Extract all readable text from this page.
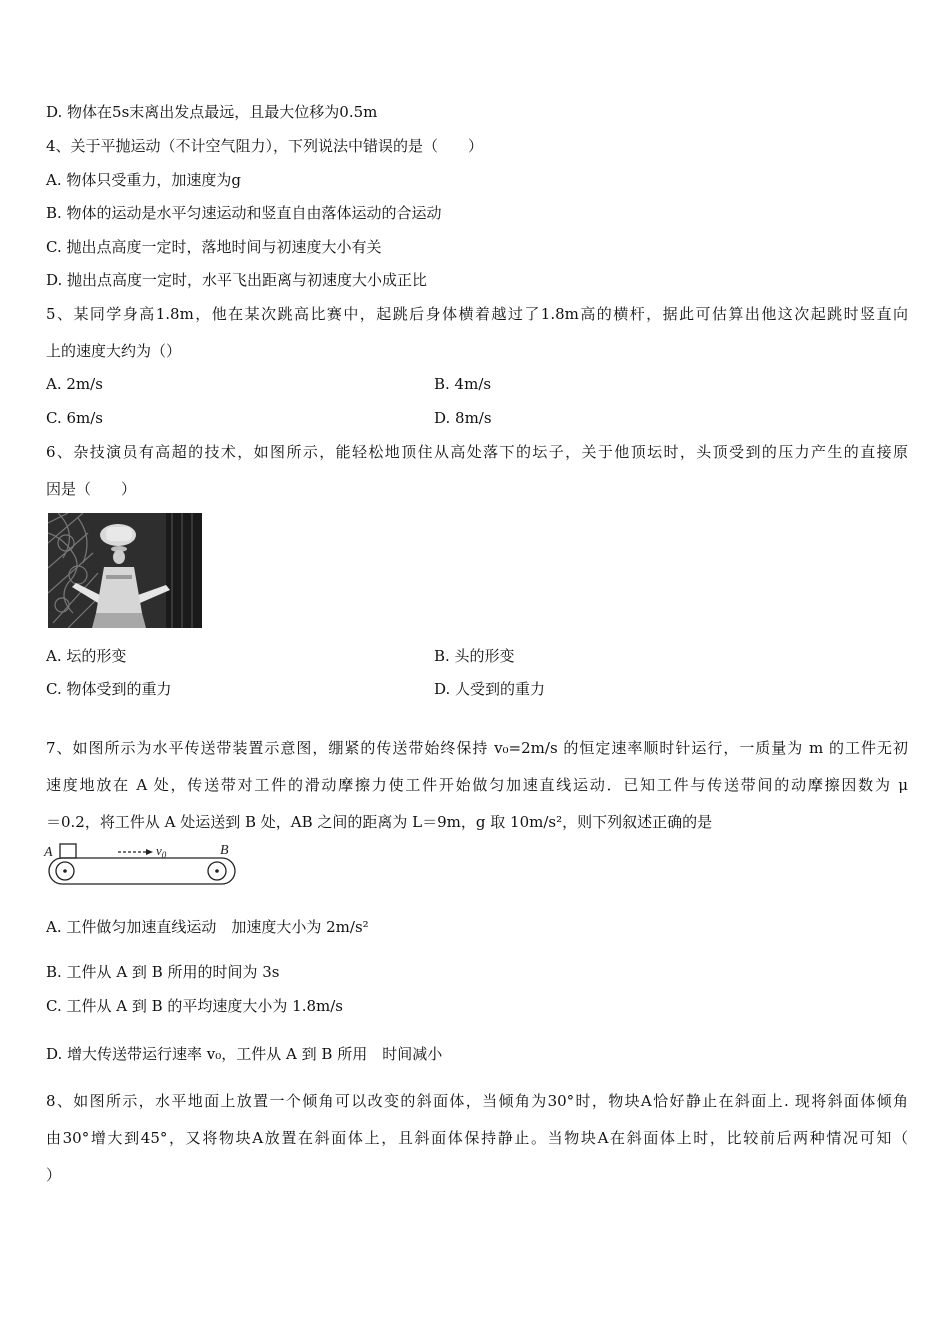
D. 物体在5s末离出发点最远，且最大位移为0.5m
4、关于平抛运动（不计空气阻力），下列说法中错误的是（　　）
A. 物体只受重力，加速度为g
B. 物体的运动是水平匀速运动和竖直自由落体运动的合运动
C. 抛出点高度一定时，落地时间与初速度大小有关
D. 抛出点高度一定时，水平飞出距离与初速度大小成正比
5、某同学身高1.8m，他在某次跳高比赛中，起跳后身体横着越过了1.8m高的横杆，据此可估算出他这次起跳时竖直向
上的速度大约为（）
A. 2m/s	B. 4m/s
C. 6m/s	D. 8m/s
6、杂技演员有高超的技术，如图所示，能轻松地顶住从高处落下的坛子，关于他顶坛时，头顶受到的压力产生的直接原
因是（　　）
A. 坛的形变	B. 头的形变
C. 物体受到的重力	D. 人受到的重力
7、如图所示为水平传送带装置示意图，绷紧的传送带始终保持 v₀=2m/s 的恒定速率顺时针运行，一质量为 m 的工件无初
速度地放在 A 处，传送带对工件的滑动摩擦力使工件开始做匀加速直线运动．已知工件与传送带间的动摩擦因数为 μ
＝0.2，将工件从 A 处运送到 B 处，AB 之间的距离为 L＝9m，g 取 10m/s²，则下列叙述正确的是
A	$v_0$	B
A. 工件做匀加速直线运动　加速度大小为 2m/s²
B. 工件从 A 到 B 所用的时间为 3s
C. 工件从 A 到 B 的平均速度大小为 1.8m/s
D. 增大传送带运行速率 v₀，工件从 A 到 B 所用　时间减小
8、如图所示，水平地面上放置一个倾角可以改变的斜面体，当倾角为30°时，物块A恰好静止在斜面上. 现将斜面体倾角
由30°增大到45°，又将物块A放置在斜面体上，且斜面体保持静止。当物块A在斜面体上时，比较前后两种情况可知（
）
